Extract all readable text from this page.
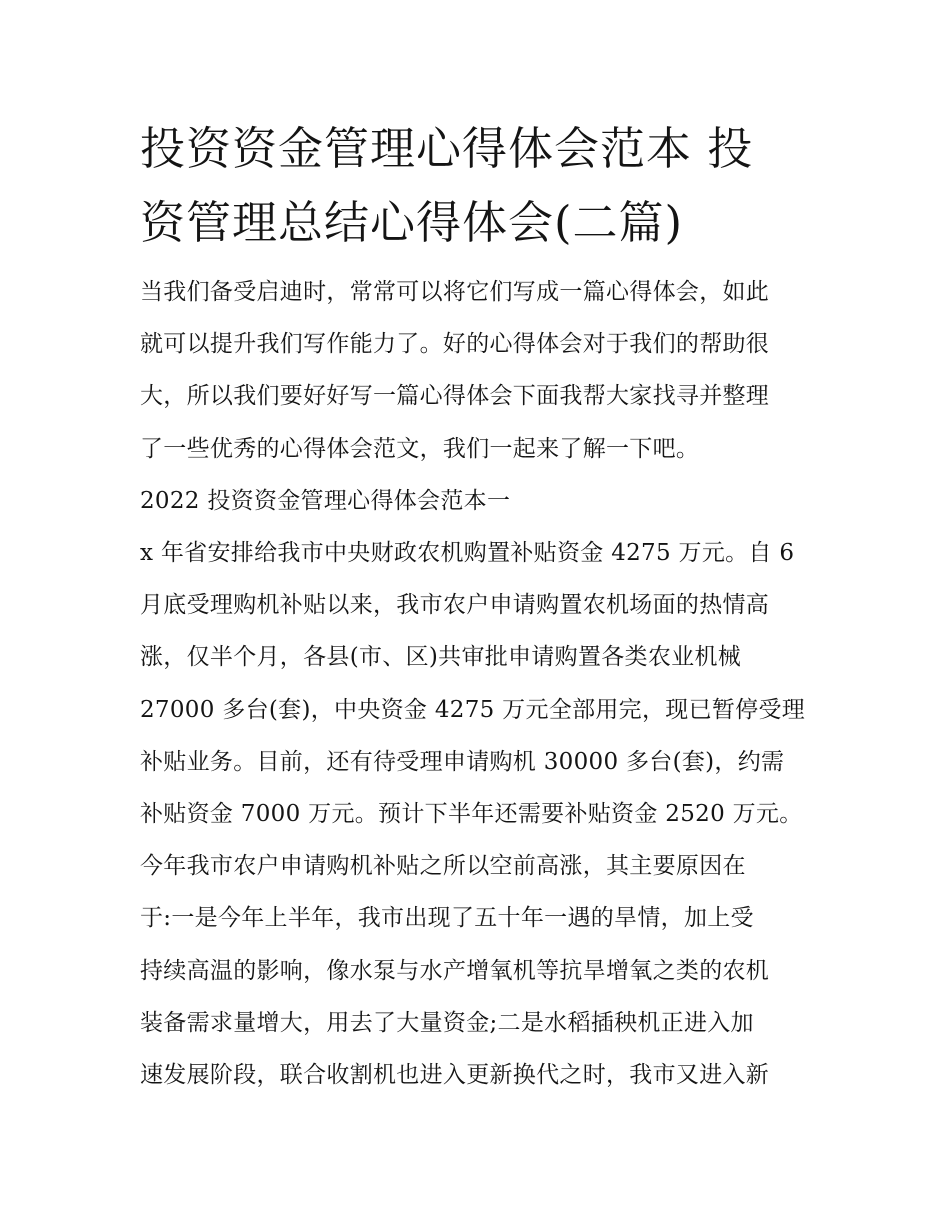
投资资金管理心得体会范本 投
资管理总结心得体会(二篇)
当我们备受启迪时，常常可以将它们写成一篇心得体会，如此
就可以提升我们写作能力了。好的心得体会对于我们的帮助很
大，所以我们要好好写一篇心得体会下面我帮大家找寻并整理
了一些优秀的心得体会范文，我们一起来了解一下吧。
2022 投资资金管理心得体会范本一
x 年省安排给我市中央财政农机购置补贴资金 4275 万元。自 6
月底受理购机补贴以来，我市农户申请购置农机场面的热情高
涨，仅半个月，各县(市、区)共审批申请购置各类农业机械
27000 多台(套)，中央资金 4275 万元全部用完，现已暂停受理
补贴业务。目前，还有待受理申请购机 30000 多台(套)，约需
补贴资金 7000 万元。预计下半年还需要补贴资金 2520 万元。
今年我市农户申请购机补贴之所以空前高涨，其主要原因在
于:一是今年上半年，我市出现了五十年一遇的旱情，加上受
持续高温的影响，像水泵与水产增氧机等抗旱增氧之类的农机
装备需求量增大，用去了大量资金;二是水稻插秧机正进入加
速发展阶段，联合收割机也进入更新换代之时，我市又进入新
